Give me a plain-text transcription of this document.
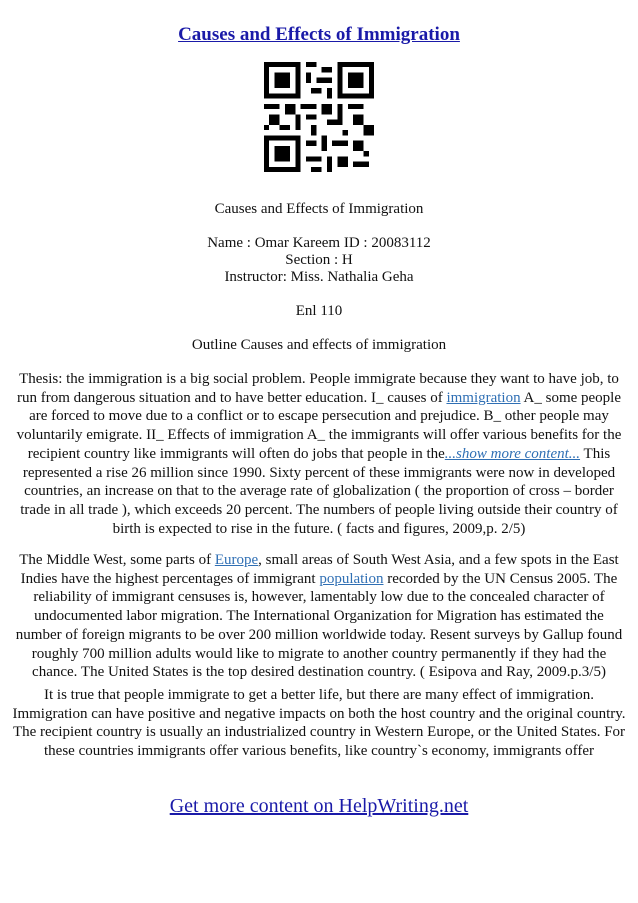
Causes and Effects of Immigration
Causes and Effects of Immigration
Name : Omar Kareem ID : 20083112
Section : H
Instructor: Miss. Nathalia Geha
Enl 110
Outline Causes and effects of immigration
Thesis: the immigration is a big social problem. People immigrate because they want to have job, to run from dangerous situation and to have better education. I_ causes of immigration A_ some people are forced to move due to a conflict or to escape persecution and prejudice. B_ other people may voluntarily emigrate. II_ Effects of immigration A_ the immigrants will offer various benefits for the recipient country like immigrants will often do jobs that people in the...show more content... This represented a rise 26 million since 1990. Sixty percent of these immigrants were now in developed countries, an increase on that to the average rate of globalization ( the proportion of cross – border trade in all trade ), which exceeds 20 percent. The numbers of people living outside their country of birth is expected to rise in the future. ( facts and figures, 2009,p. 2/5)
The Middle West, some parts of Europe, small areas of South West Asia, and a few spots in the East Indies have the highest percentages of immigrant population recorded by the UN Census 2005. The reliability of immigrant censuses is, however, lamentably low due to the concealed character of undocumented labor migration. The International Organization for Migration has estimated the number of foreign migrants to be over 200 million worldwide today. Resent surveys by Gallup found roughly 700 million adults would like to migrate to another country permanently if they had the chance. The United States is the top desired destination country. ( Esipova and Ray, 2009.p.3/5)
It is true that people immigrate to get a better life, but there are many effect of immigration. Immigration can have positive and negative impacts on both the host country and the original country. The recipient country is usually an industrialized country in Western Europe, or the United States. For these countries immigrants offer various benefits, like country`s economy, immigrants offer
Get more content on HelpWriting.net
